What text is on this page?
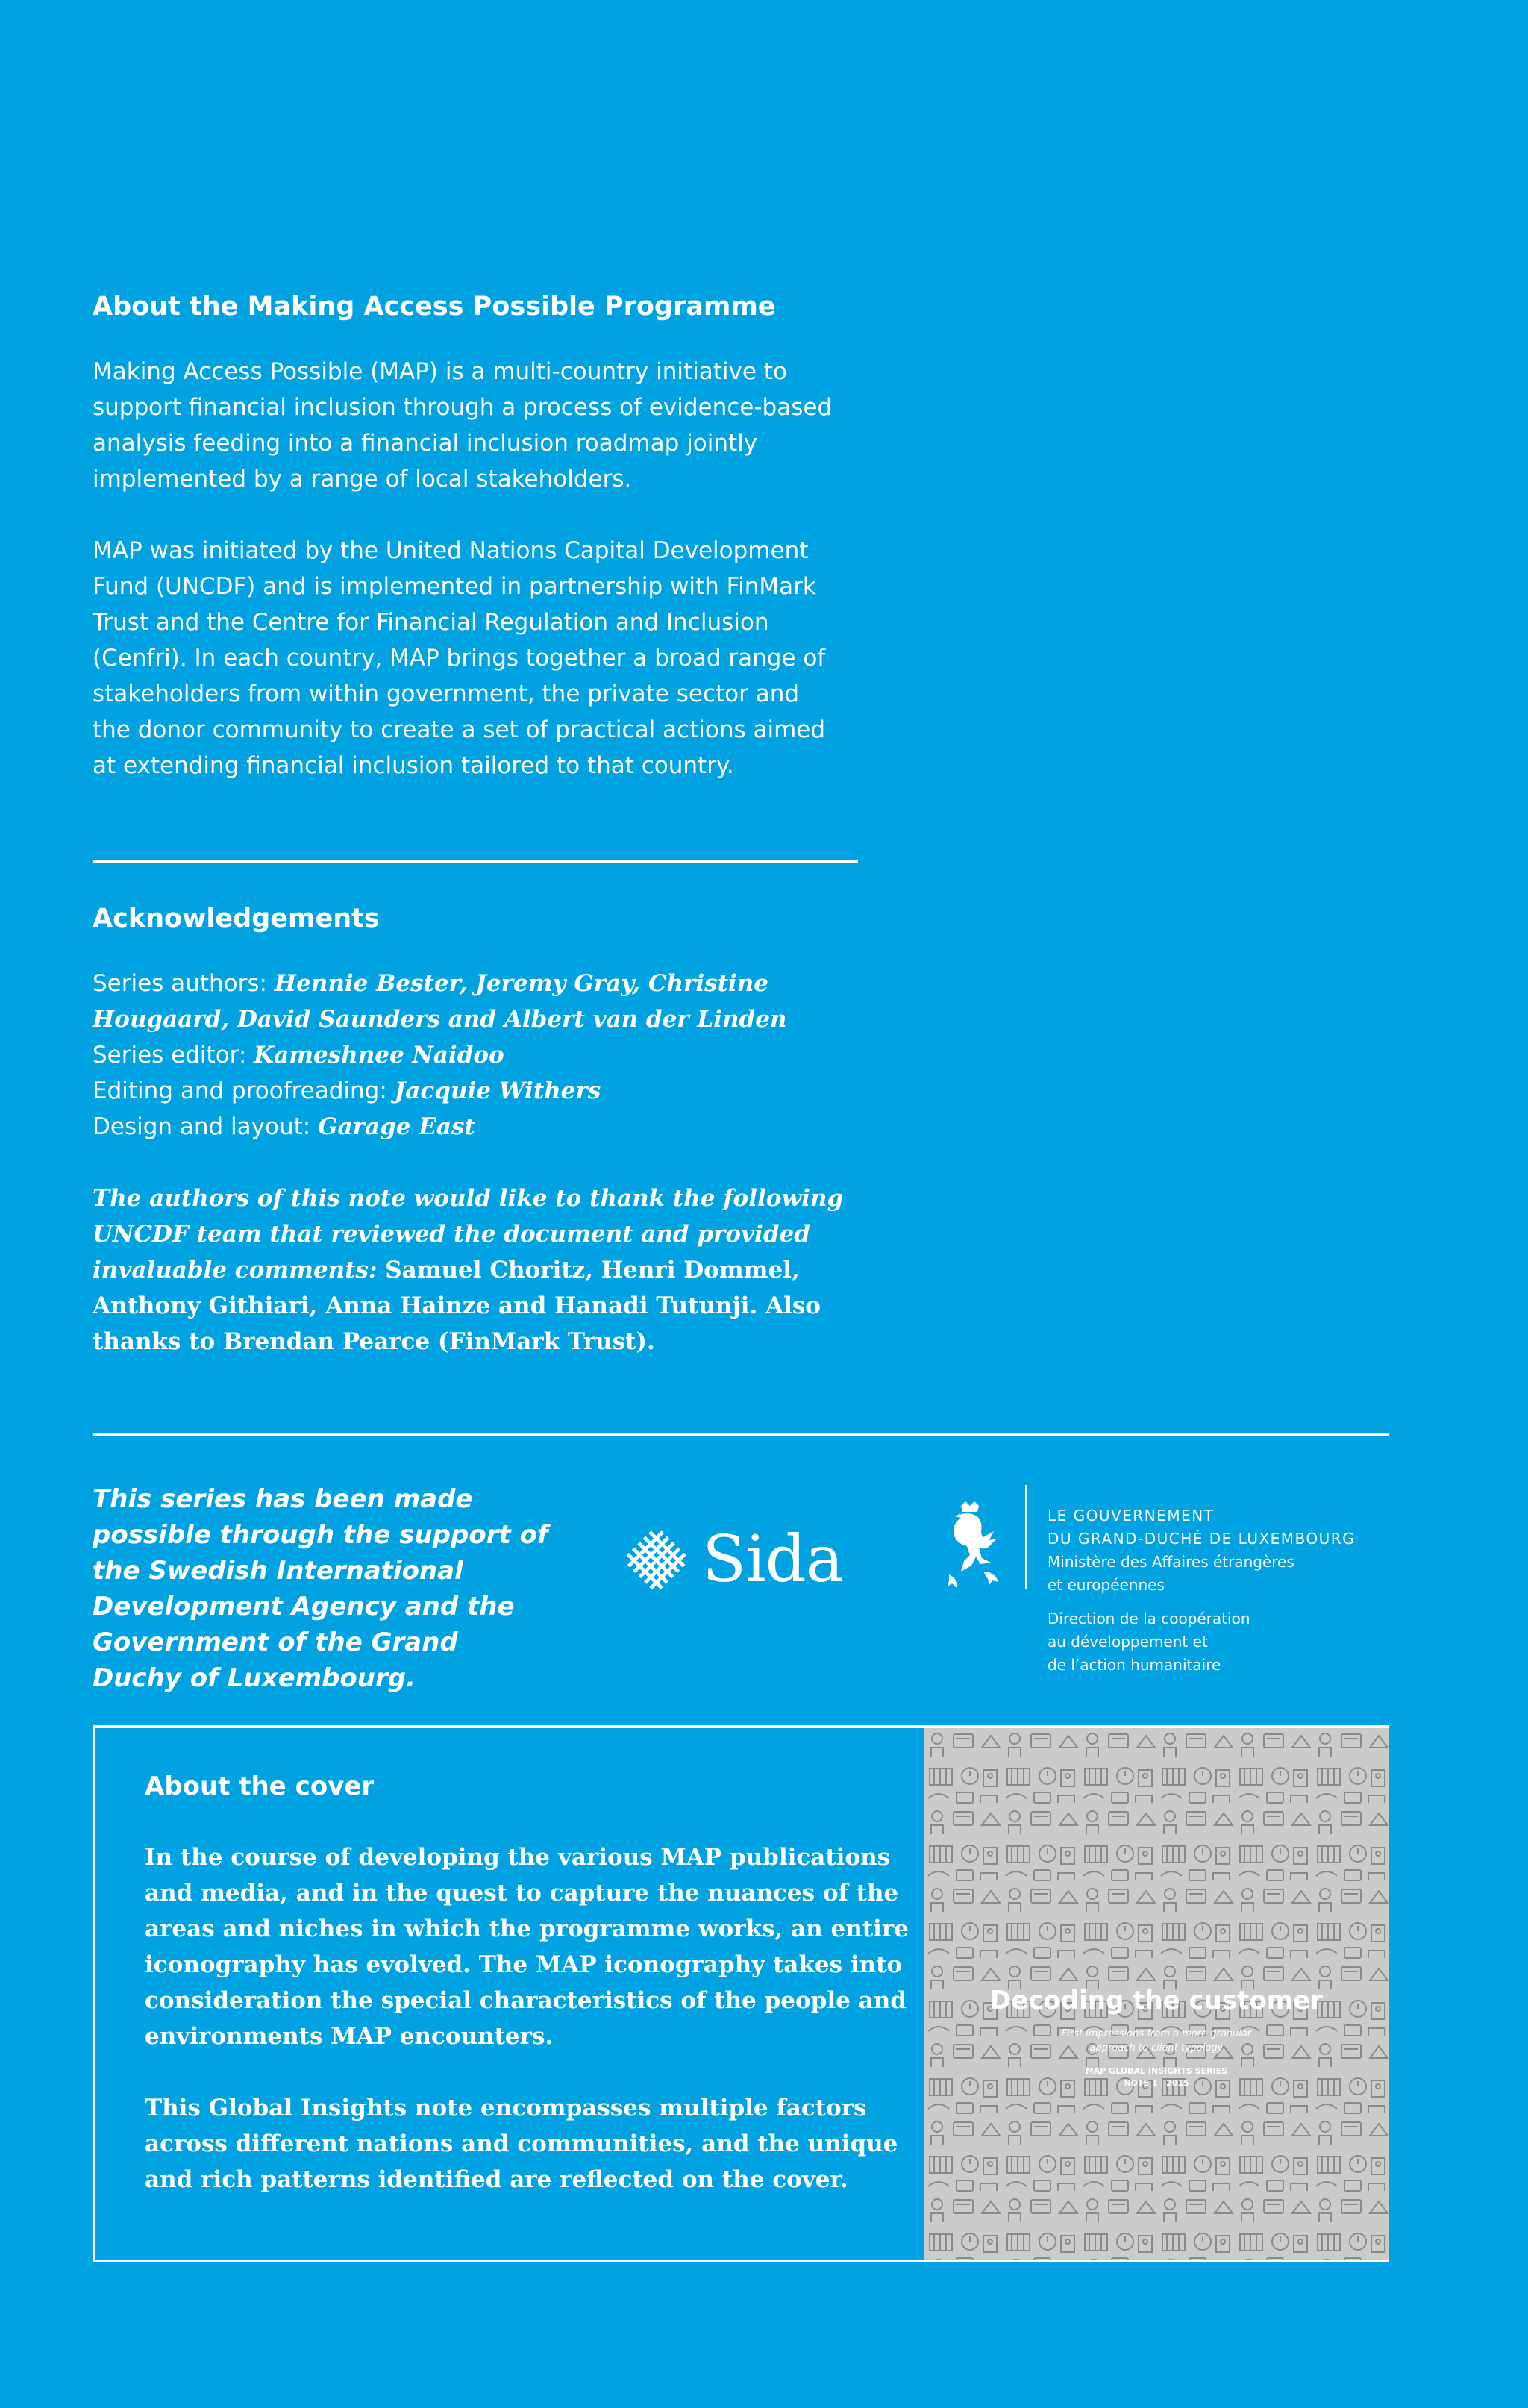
About the Making Access Possible Programme

Making Access Possible (MAP) is a multi-country initiative to support financial inclusion through a process of evidence-based analysis feeding into a financial inclusion roadmap jointly implemented by a range of local stakeholders.

MAP was initiated by the United Nations Capital Development Fund (UNCDF) and is implemented in partnership with FinMark Trust and the Centre for Financial Regulation and Inclusion (Cenfri). In each country, MAP brings together a broad range of stakeholders from within government, the private sector and the donor community to create a set of practical actions aimed at extending financial inclusion tailored to that country.

Acknowledgements
Series authors: Hennie Bester, Jeremy Gray, Christine Hougaard, David Saunders and Albert van der Linden
Series editor: Kameshnee Naidoo
Editing and proofreading: Jacquie Withers
Design and layout: Garage East

The authors of this note would like to thank the following UNCDF team that reviewed the document and provided invaluable comments: Samuel Choritz, Henri Dommel, Anthony Githiari, Anna Hainze and Hanadi Tutunji. Also thanks to Brendan Pearce (FinMark Trust).

This series has been made possible through the support of the Swedish International Development Agency and the Government of the Grand Duchy of Luxembourg.
Sida
LE GOUVERNEMENT
DU GRAND-DUCHÉ DE LUXEMBOURG
Ministère des Affaires étrangères
et européennes
Direction de la coopération
au développement et
de l’action humanitaire
About the cover

In the course of developing the various MAP publications and media, and in the quest to capture the nuances of the areas and niches in which the programme works, an entire iconography has evolved. The MAP iconography takes into consideration the special characteristics of the people and environments MAP encounters.

This Global Insights note encompasses multiple factors across different nations and communities, and the unique and rich patterns identified are reflected on the cover.

Decoding the customer
First impressions from a more granular
approach to client typology
MAP GLOBAL INSIGHTS SERIES
NOTE 1 | 2015
